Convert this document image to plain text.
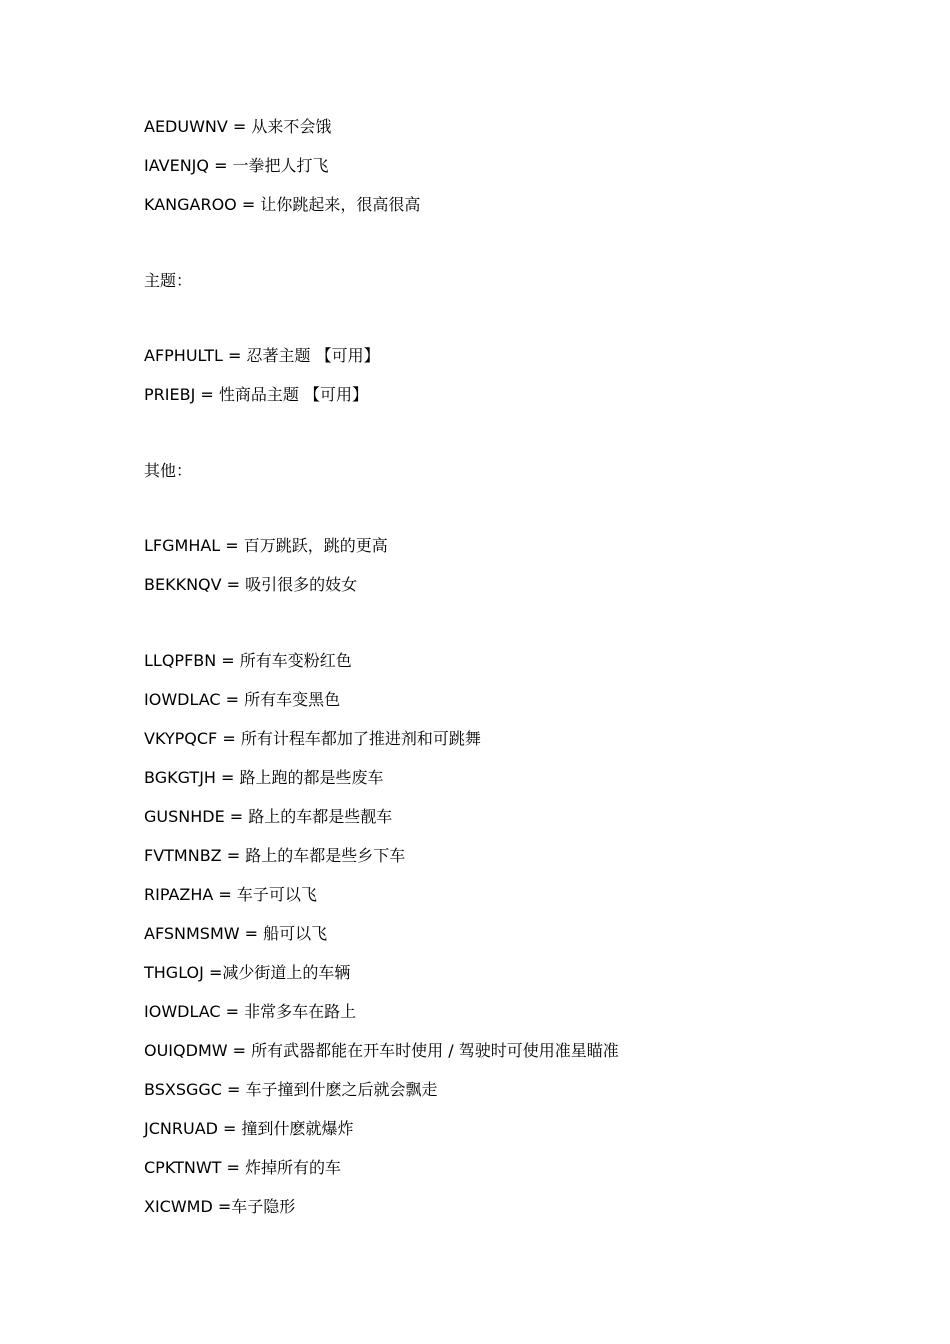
AEDUWNV = 从来不会饿

IAVENJQ = 一拳把人打飞

KANGAROO = 让你跳起来，很高很高

主题：

AFPHULTL = 忍著主题 【可用】

PRIEBJ = 性商品主题 【可用】

其他：

LFGMHAL = 百万跳跃，跳的更高

BEKKNQV = 吸引很多的妓女

LLQPFBN = 所有车变粉红色

IOWDLAC = 所有车变黑色

VKYPQCF = 所有计程车都加了推进剂和可跳舞

BGKGTJH = 路上跑的都是些废车

GUSNHDE = 路上的车都是些靓车

FVTMNBZ = 路上的车都是些乡下车

RIPAZHA = 车子可以飞

AFSNMSMW = 船可以飞

THGLOJ =减少街道上的车辆

IOWDLAC = 非常多车在路上

OUIQDMW = 所有武器都能在开车时使用 / 驾驶时可使用准星瞄准

BSXSGGC = 车子撞到什麽之后就会飘走

JCNRUAD = 撞到什麽就爆炸

CPKTNWT = 炸掉所有的车

XICWMD =车子隐形
